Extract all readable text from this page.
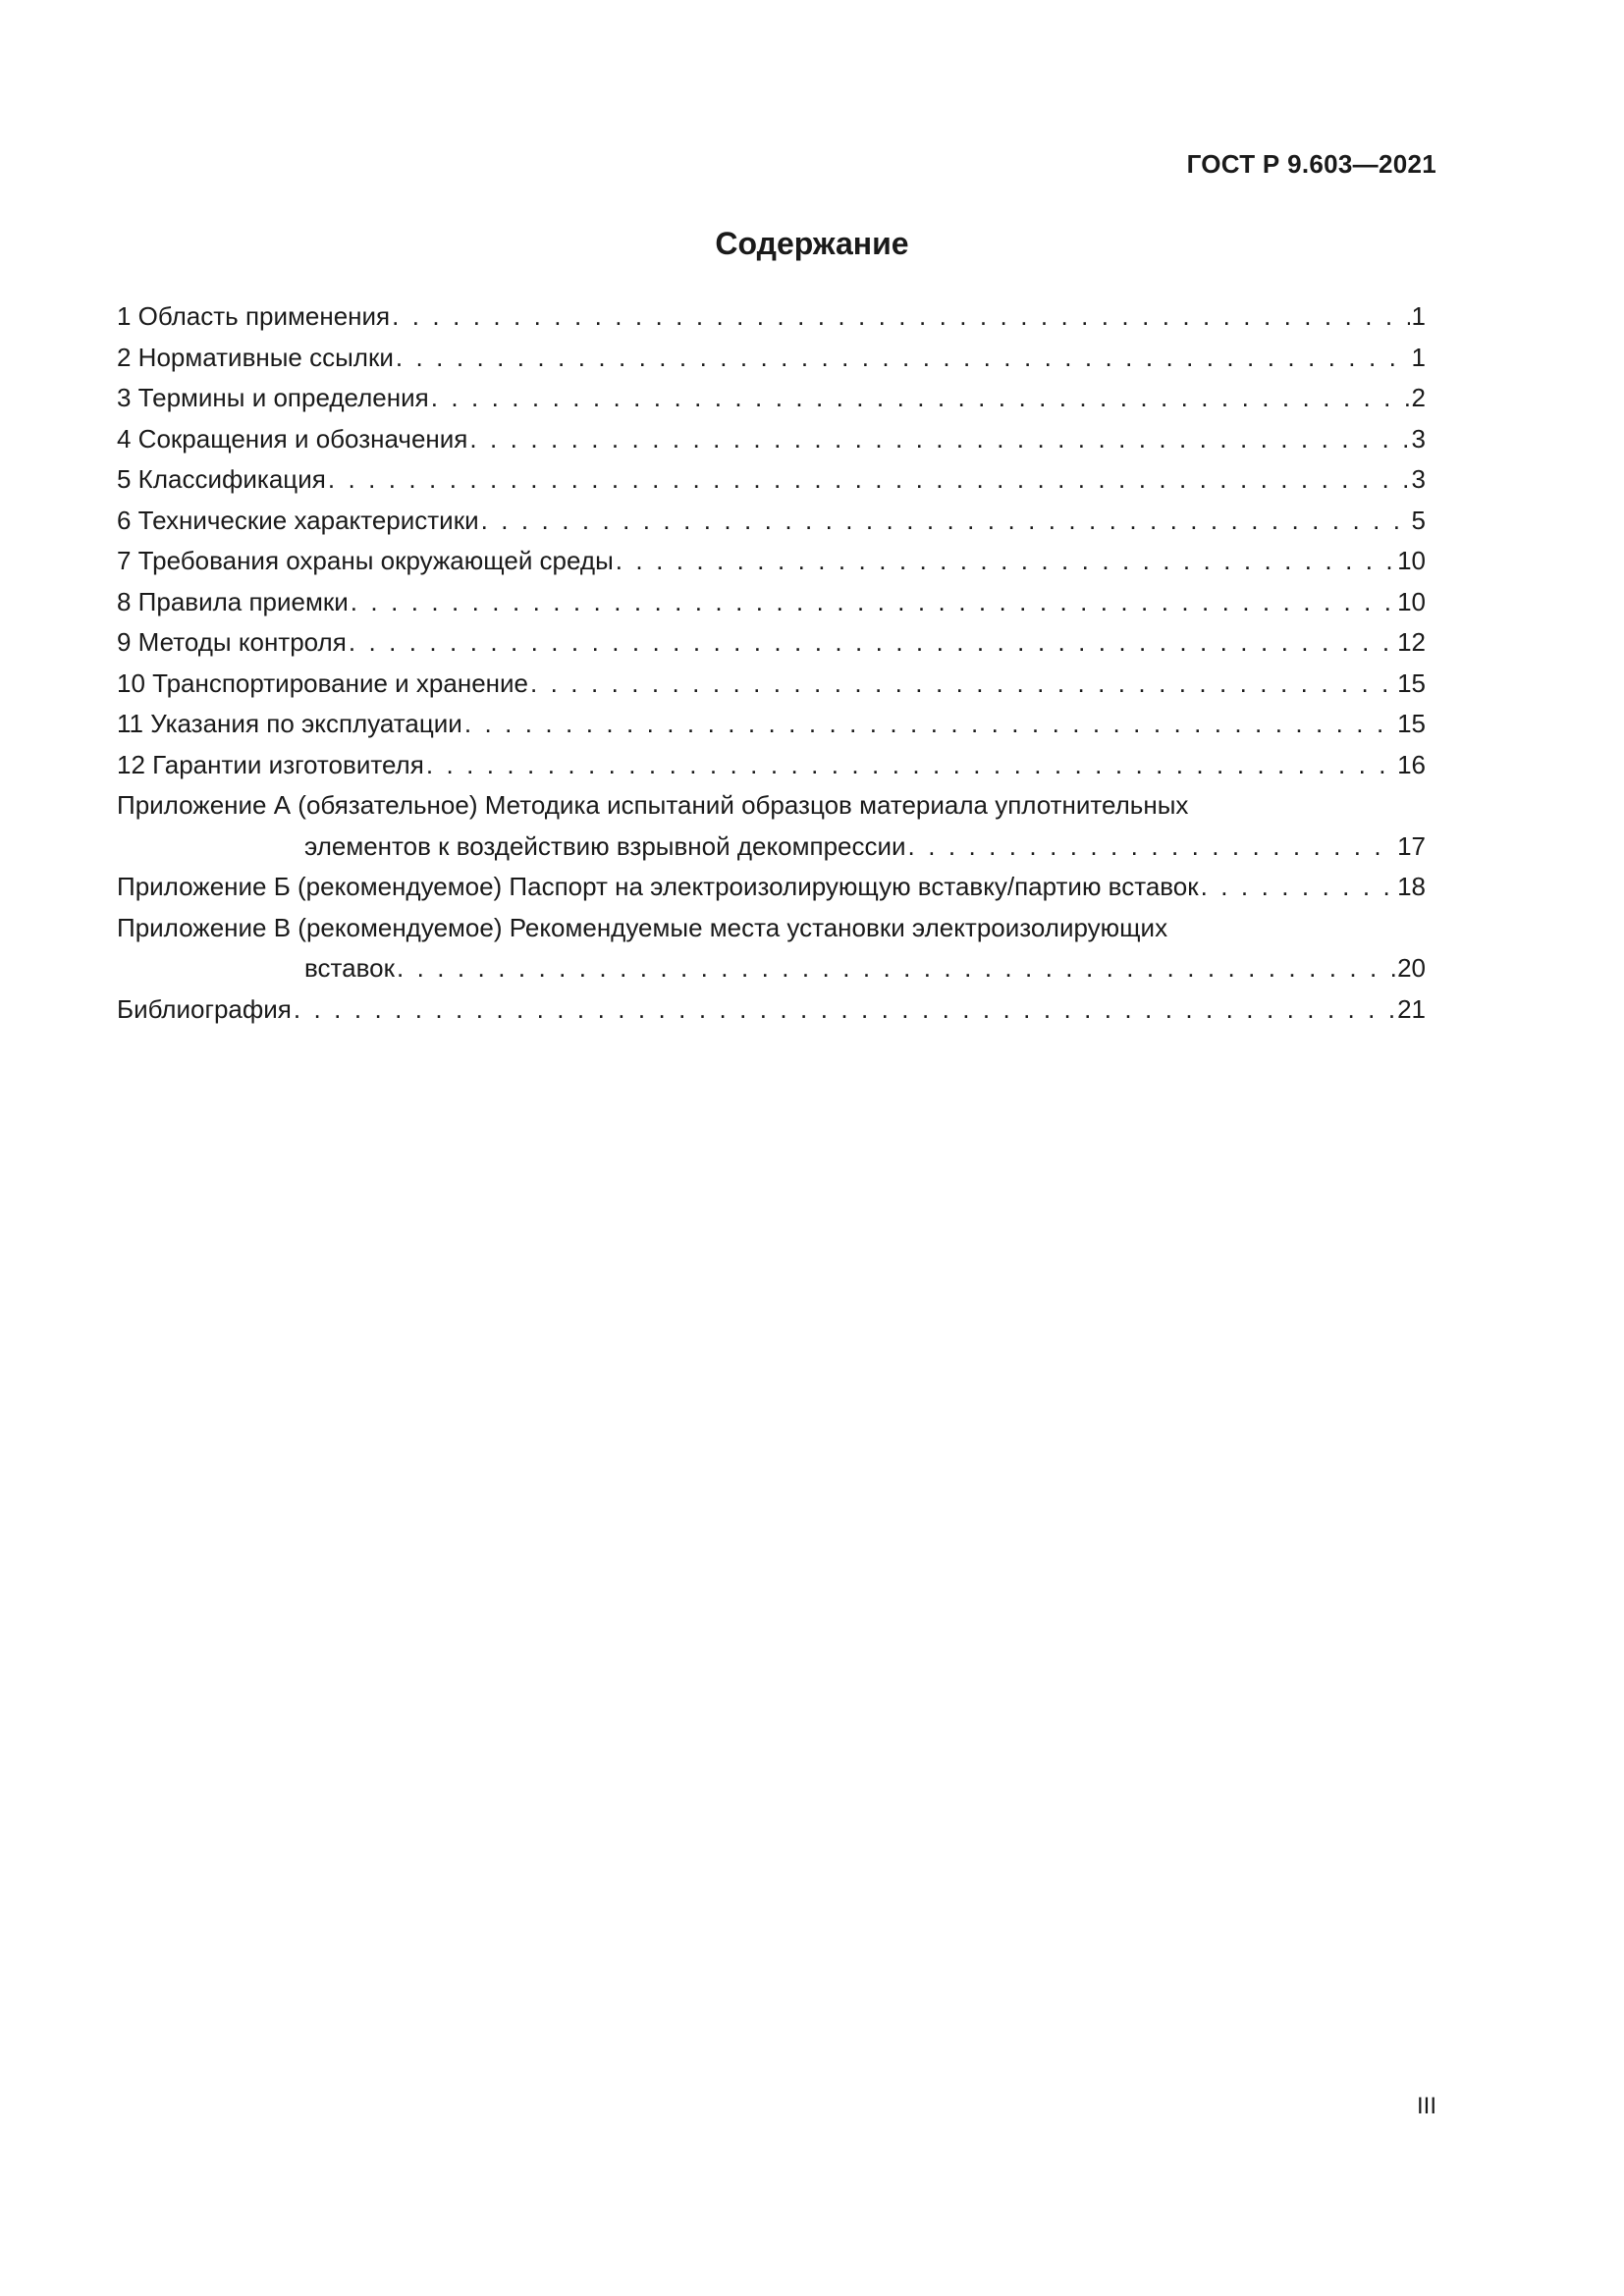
ГОСТ Р 9.603—2021
Содержание
1 Область применения . . .	1
2 Нормативные ссылки . . .	1
3 Термины и определения . . .	2
4 Сокращения и обозначения . . .	3
5 Классификация . . .	3
6 Технические характеристики . . .	5
7 Требования охраны окружающей среды . . .	10
8 Правила приемки . . .	10
9 Методы контроля . . .	12
10 Транспортирование и хранение . . .	15
11 Указания по эксплуатации . . .	15
12 Гарантии изготовителя . . .	16
Приложение А (обязательное) Методика испытаний образцов материала уплотнительных
элементов к воздействию взрывной декомпрессии . . .	17
Приложение Б (рекомендуемое) Паспорт на электроизолирующую вставку/партию вставок . . .	18
Приложение В (рекомендуемое) Рекомендуемые места установки электроизолирующих
вставок . . .	20
Библиография . . .	21
III
